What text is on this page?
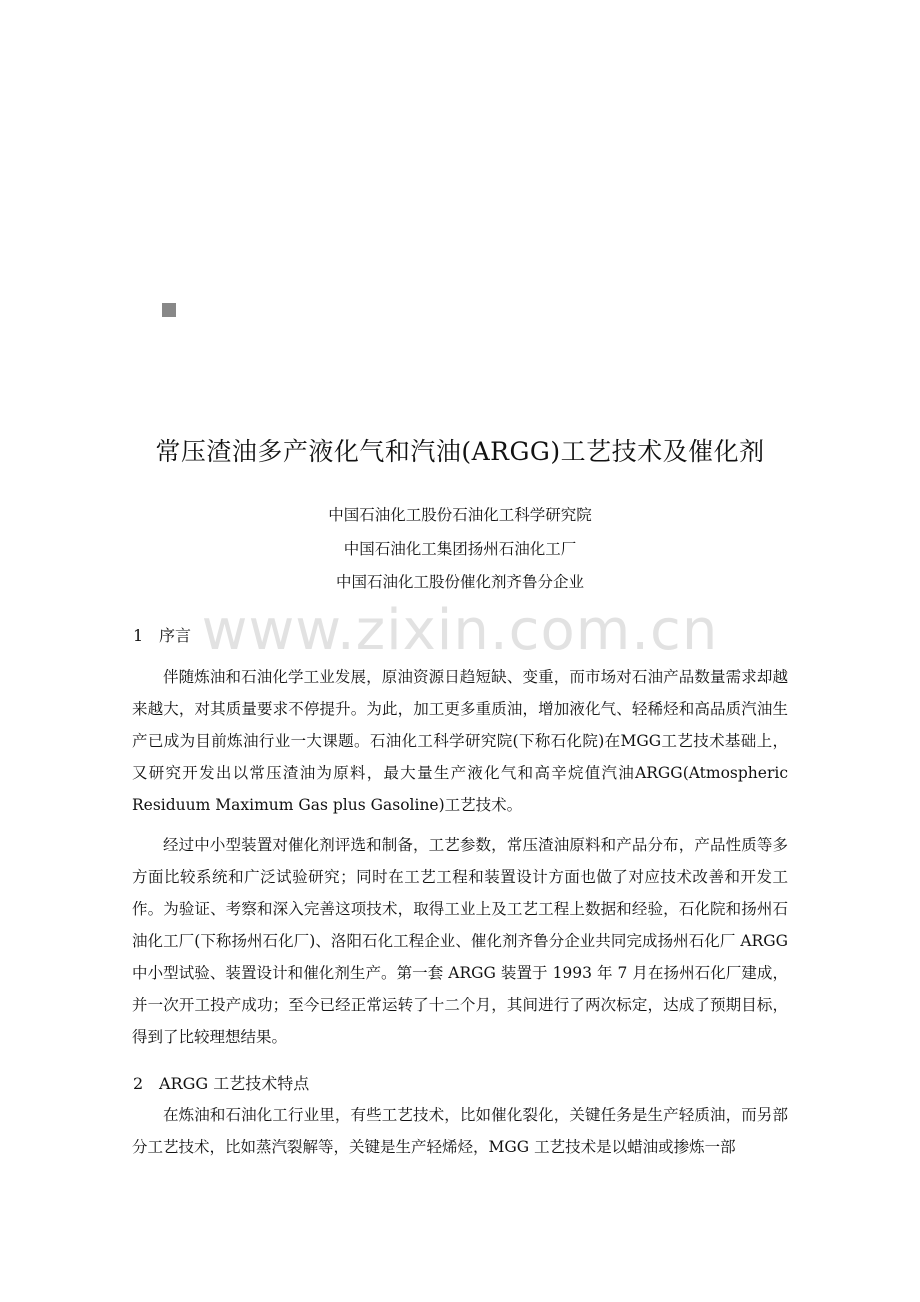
常压渣油多产液化气和汽油(ARGG)工艺技术及催化剂

中国石油化工股份石油化工科学研究院

中国石油化工集团扬州石油化工厂

中国石油化工股份催化剂齐鲁分企业

www.zixin.com.cn
1 序言

伴随炼油和石油化学工业发展，原油资源日趋短缺、变重，而市场对石油产品数量需求却越来越大，对其质量要求不停提升。为此，加工更多重质油，增加液化气、轻稀烃和高品质汽油生产已成为目前炼油行业一大课题。石油化工科学研究院(下称石化院)在MGG工艺技术基础上，又研究开发出以常压渣油为原料，最大量生产液化气和高辛烷值汽油ARGG(Atmospheric Residuum Maximum Gas plus Gasoline)工艺技术。

经过中小型装置对催化剂评选和制备，工艺参数，常压渣油原料和产品分布，产品性质等多方面比较系统和广泛试验研究；同时在工艺工程和装置设计方面也做了对应技术改善和开发工作。为验证、考察和深入完善这项技术，取得工业上及工艺工程上数据和经验，石化院和扬州石油化工厂(下称扬州石化厂)、洛阳石化工程企业、催化剂齐鲁分企业共同完成扬州石化厂 ARGG 中小型试验、装置设计和催化剂生产。第一套 ARGG 装置于 1993 年 7 月在扬州石化厂建成，并一次开工投产成功；至今已经正常运转了十二个月，其间进行了两次标定，达成了预期目标，得到了比较理想结果。

2 ARGG 工艺技术特点

在炼油和石油化工行业里，有些工艺技术，比如催化裂化，关键任务是生产轻质油，而另部分工艺技术，比如蒸汽裂解等，关键是生产轻烯烃，MGG 工艺技术是以蜡油或掺炼一部
